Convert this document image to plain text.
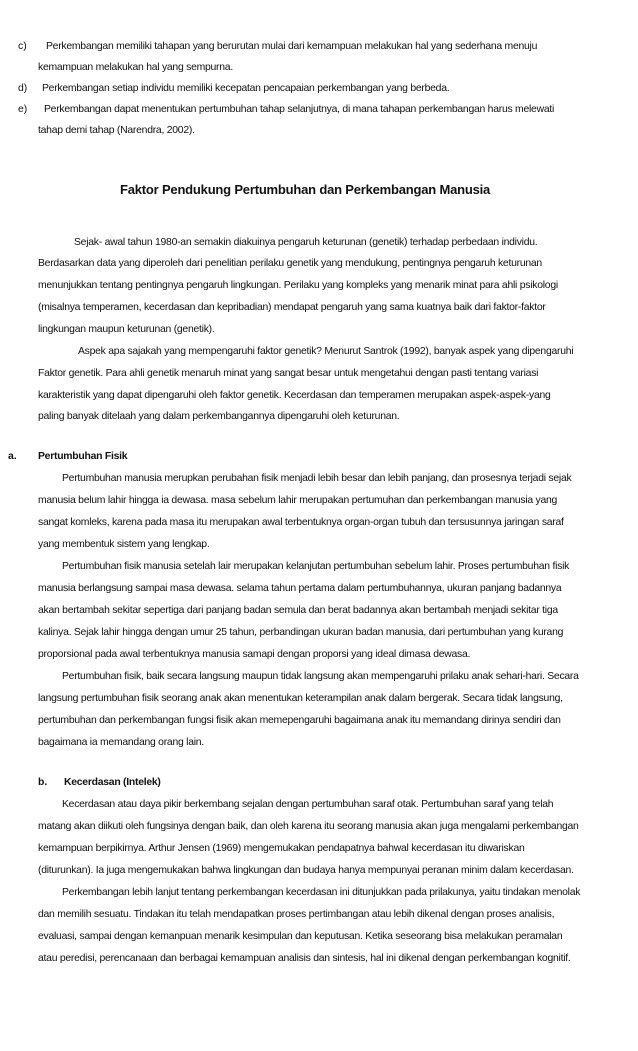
c) Perkembangan memiliki tahapan yang berurutan mulai dari kemampuan melakukan hal yang sederhana menuju
kemampuan melakukan hal yang sempurna.
d) Perkembangan setiap individu memiliki kecepatan pencapaian perkembangan yang berbeda.
e) Perkembangan dapat menentukan pertumbuhan tahap selanjutnya, di mana tahapan perkembangan harus melewati
tahap demi tahap (Narendra, 2002).
Faktor Pendukung Pertumbuhan dan Perkembangan Manusia
Sejak- awal tahun 1980-an semakin diakuinya pengaruh keturunan (genetik) terhadap perbedaan individu.
Berdasarkan data yang diperoleh dari penelitian perilaku genetik yang mendukung, pentingnya pengaruh keturunan
menunjukkan tentang pentingnya pengaruh lingkungan. Perilaku yang kompleks yang menarik minat para ahli psikologi
(misalnya temperamen, kecerdasan dan kepribadian) mendapat pengaruh yang sama kuatnya baik dari faktor-faktor
lingkungan maupun keturunan (genetik).
Aspek apa sajakah yang mempengaruhi faktor genetik? Menurut Santrok (1992), banyak aspek yang dipengaruhi
Faktor genetik. Para ahli genetik menaruh minat yang sangat besar untuk mengetahui dengan pasti tentang variasi
karakteristik yang dapat dipengaruhi oleh faktor genetik. Kecerdasan dan temperamen merupakan aspek-aspek-yang
paling banyak ditelaah yang dalam perkembangannya dipengaruhi oleh keturunan.
a. Pertumbuhan Fisik
Pertumbuhan manusia merupkan perubahan fisik menjadi lebih besar dan lebih panjang, dan prosesnya terjadi sejak
manusia belum lahir hingga ia dewasa. masa sebelum lahir merupakan pertumuhan dan perkembangan manusia yang
sangat komleks, karena pada masa itu merupakan awal terbentuknya organ-organ tubuh dan tersusunnya jaringan saraf
yang membentuk sistem yang lengkap.
Pertumbuhan fisik manusia setelah lair merupakan kelanjutan pertumbuhan sebelum lahir. Proses pertumbuhan fisik
manusia berlangsung sampai masa dewasa. selama tahun pertama dalam pertumbuhannya, ukuran panjang badannya
akan bertambah sekitar sepertiga dari panjang badan semula dan berat badannya akan bertambah menjadi sekitar tiga
kalinya. Sejak lahir hingga dengan umur 25 tahun, perbandingan ukuran badan manusia, dari pertumbuhan yang kurang
proporsional pada awal terbentuknya manusia samapi dengan proporsi yang ideal dimasa dewasa.
Pertumbuhan fisik, baik secara langsung maupun tidak langsung akan mempengaruhi prilaku anak sehari-hari. Secara
langsung pertumbuhan fisik seorang anak akan menentukan keterampilan anak dalam bergerak. Secara tidak langsung,
pertumbuhan dan perkembangan fungsi fisik akan memepengaruhi bagaimana anak itu memandang dirinya sendiri dan
bagaimana ia memandang orang lain.
b. Kecerdasan (Intelek)
Kecerdasan atau daya pikir berkembang sejalan dengan pertumbuhan saraf otak. Pertumbuhan saraf yang telah
matang akan diikuti oleh fungsinya dengan baik, dan oleh karena itu seorang manusia akan juga mengalami perkembangan
kemampuan berpikirnya. Arthur Jensen (1969) mengemukakan pendapatnya bahwal kecerdasan itu diwariskan
(diturunkan). Ia juga mengemukakan bahwa lingkungan dan budaya hanya mempunyai peranan minim dalam kecerdasan.
Perkembangan lebih lanjut tentang perkembangan kecerdasan ini ditunjukkan pada prilakunya, yaitu tindakan menolak
dan memilih sesuatu. Tindakan itu telah mendapatkan proses pertimbangan atau lebih dikenal dengan proses analisis,
evaluasi, sampai dengan kemanpuan menarik kesimpulan dan keputusan. Ketika seseorang bisa melakukan peramalan
atau peredisi, perencanaan dan berbagai kemampuan analisis dan sintesis, hal ini dikenal dengan perkembangan kognitif.
